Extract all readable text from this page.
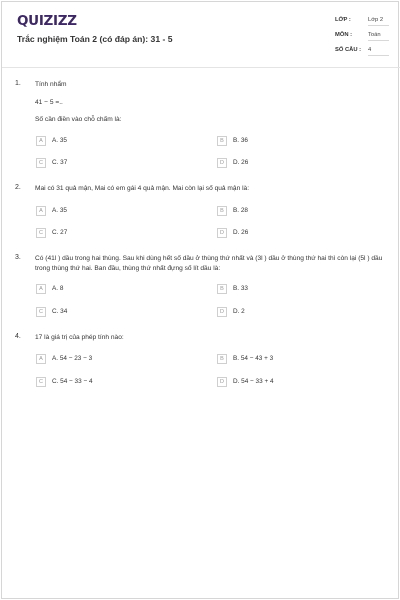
QUIZIZZ
Trắc nghiệm Toán 2 (có đáp án): 31 - 5
LỚP :	Lớp 2
MÔN :	Toán
SỐ CÂU : 4
1. Tính nhẩm
41 − 5 =..
Số cần điền vào chỗ chấm là:
A	A. 35	B	B. 36
C	C. 37	D	D. 26
2. Mai có 31 quả mận, Mai có em gái 4 quả mận. Mai còn lại số quả mận là:
A	A. 35	B	B. 28
C	C. 27	D	D. 26
3. Có (41l ) dầu trong hai thùng. Sau khi dùng hết số dầu ở thùng thứ nhất và (3l ) dầu ở thùng thứ hai thì còn lại (5l ) dầu trong thùng thứ hai. Ban đầu, thùng thứ nhất đựng số lít dầu là:
A	A. 8	B	B. 33
C	C. 34	D	D. 2
4. 17 là giá trị của phép tính nào:
A	A. 54 − 23 − 3	B	B. 54 − 43 + 3
C	C. 54 − 33 − 4	D	D. 54 − 33 + 4
